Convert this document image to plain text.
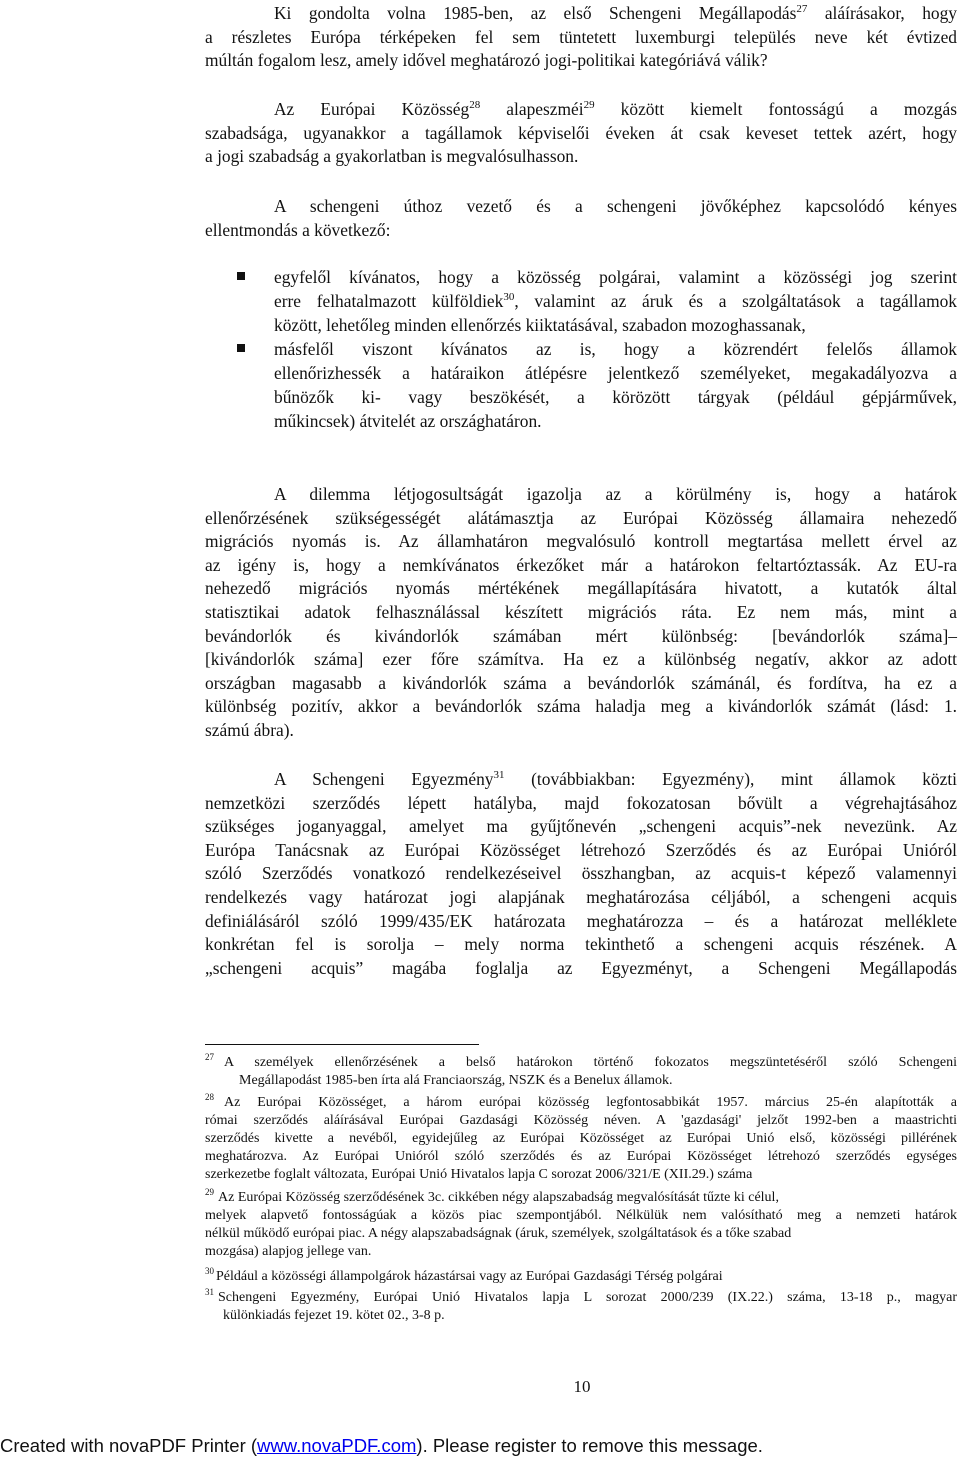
Ki gondolta volna 1985-ben, az első Schengeni Megállapodás$^{27}$ aláírásakor, hogy
a részletes Európa térképeken fel sem tüntetett luxemburgi település neve két évtized
múltán fogalom lesz, amely idővel meghatározó jogi-politikai kategóriává válik?
Az Európai Közösség$^{28}$ alapeszméi$^{29}$ között kiemelt fontosságú a mozgás
szabadsága, ugyanakkor a tagállamok képviselői éveken át csak keveset tettek azért, hogy
a jogi szabadság a gyakorlatban is megvalósulhasson.
A schengeni úthoz vezető és a schengeni jövőképhez kapcsolódó kényes
ellentmondás a következő:
egyfelől kívánatos, hogy a közösség polgárai, valamint a közösségi jog szerint
erre felhatalmazott külföldiek$^{30}$, valamint az áruk és a szolgáltatások a tagállamok
között, lehetőleg minden ellenőrzés kiiktatásával, szabadon mozoghassanak,
másfelől viszont kívánatos az is, hogy a közrendért felelős államok
ellenőrizhessék a határaikon átlépésre jelentkező személyeket, megakadályozva a
bűnözők ki- vagy beszökését, a körözött tárgyak (például gépjárművek,
műkincsek) átvitelét az országhatáron.
A dilemma létjogosultságát igazolja az a körülmény is, hogy a határok
ellenőrzésének szükségességét alátámasztja az Európai Közösség államaira nehezedő
migrációs nyomás is. Az államhatáron megvalósuló kontroll megtartása mellett érvel az
az igény is, hogy a nemkívánatos érkezőket már a határokon feltartóztassák. Az EU-ra
nehezedő migrációs nyomás mértékének megállapítására hivatott, a kutatók által
statisztikai adatok felhasználással készített migrációs ráta. Ez nem más, mint a
bevándorlók és kivándorlók számában mért különbség: [bevándorlók száma]–
[kivándorlók száma] ezer főre számítva. Ha ez a különbség negatív, akkor az adott
országban magasabb a kivándorlók száma a bevándorlók számánál, és fordítva, ha ez a
különbség pozitív, akkor a bevándorlók száma haladja meg a kivándorlók számát (lásd: 1.
számú ábra).
A Schengeni Egyezmény$^{31}$ (továbbiakban: Egyezmény), mint államok közti
nemzetközi szerződés lépett hatályba, majd fokozatosan bővült a végrehajtásához
szükséges joganyaggal, amelyet ma gyűjtőnevén „schengeni acquis”-nek nevezünk. Az
Európa Tanácsnak az Európai Közösséget létrehozó Szerződés és az Európai Unióról
szóló Szerződés vonatkozó rendelkezéseivel összhangban, az acquis-t képező valamennyi
rendelkezés vagy határozat jogi alapjának meghatározása céljából, a schengeni acquis
definiálásáról szóló 1999/435/EK határozata meghatározza – és a határozat melléklete
konkrétan fel is sorolja – mely norma tekinthető a schengeni acquis részének. A
„schengeni acquis” magába foglalja az Egyezményt, a Schengeni Megállapodás
$^{27}$ A személyek ellenőrzésének a belső határokon történő fokozatos megszüntetéséről szóló Schengeni
Megállapodást 1985-ben írta alá Franciaország, NSZK és a Benelux államok.
$^{28}$ Az Európai Közösséget, a három európai közösség legfontosabbikát 1957. március 25-én alapították a
római szerződés aláírásával Európai Gazdasági Közösség néven. A 'gazdasági' jelzőt 1992-ben a maastrichti
szerződés kivette a nevéből, egyidejűleg az Európai Közösséget az Európai Unió első, közösségi pillérének
meghatározva. Az Európai Unióról szóló szerződés és az Európai Közösséget létrehozó szerződés egységes
szerkezetbe foglalt változata, Európai Unió Hivatalos lapja C sorozat 2006/321/E (XII.29.) száma
$^{29}$ Az Európai Közösség szerződésének 3c. cikkében négy alapszabadság megvalósítását tűzte ki célul,
melyek alapvető fontosságúak a közös piac szempontjából. Nélkülük nem valósítható meg a nemzeti határok
nélkül működő európai piac. A négy alapszabadságnak (áruk, személyek, szolgáltatások és a tőke szabad
mozgása) alapjog jellege van.
$^{30}$ Például a közösségi állampolgárok házastársai vagy az Európai Gazdasági Térség polgárai
$^{31}$ Schengeni Egyezmény, Európai Unió Hivatalos lapja L sorozat 2000/239 (IX.22.) száma, 13-18 p., magyar
különkiadás fejezet 19. kötet 02., 3-8 p.
10
Created with novaPDF Printer (www.novaPDF.com). Please register to remove this message.
